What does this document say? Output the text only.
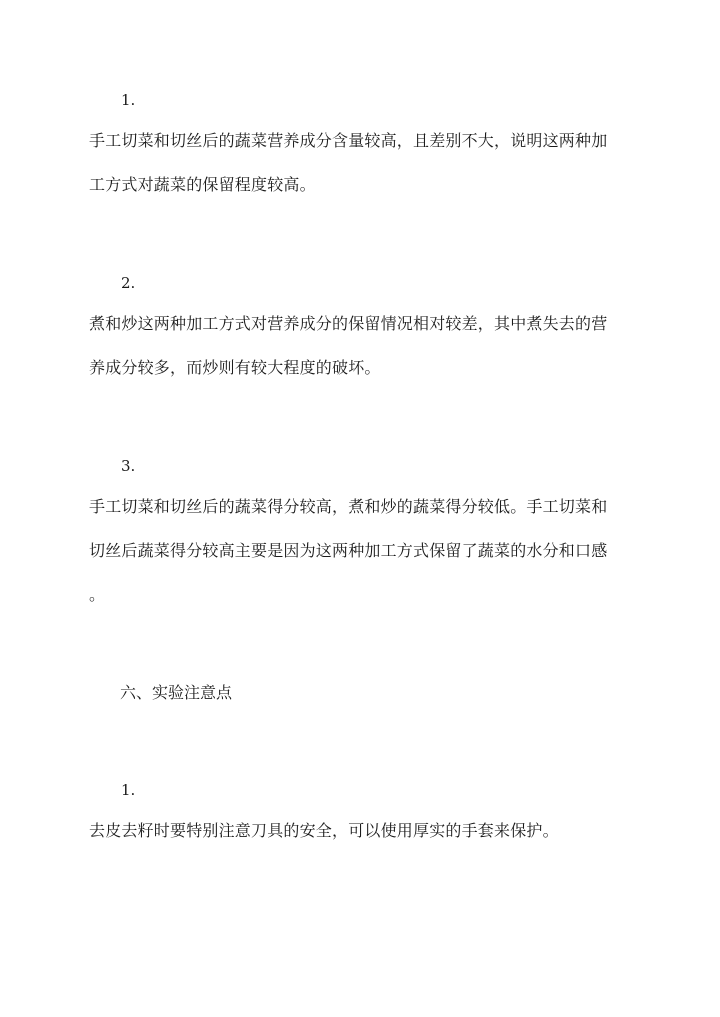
1.

手工切菜和切丝后的蔬菜营养成分含量较高，且差别不大，说明这两种加
工方式对蔬菜的保留程度较高。

2.

煮和炒这两种加工方式对营养成分的保留情况相对较差，其中煮失去的营
养成分较多，而炒则有较大程度的破坏。

3.

手工切菜和切丝后的蔬菜得分较高，煮和炒的蔬菜得分较低。手工切菜和
切丝后蔬菜得分较高主要是因为这两种加工方式保留了蔬菜的水分和口感
。

六、实验注意点

1.

去皮去籽时要特别注意刀具的安全，可以使用厚实的手套来保护。
